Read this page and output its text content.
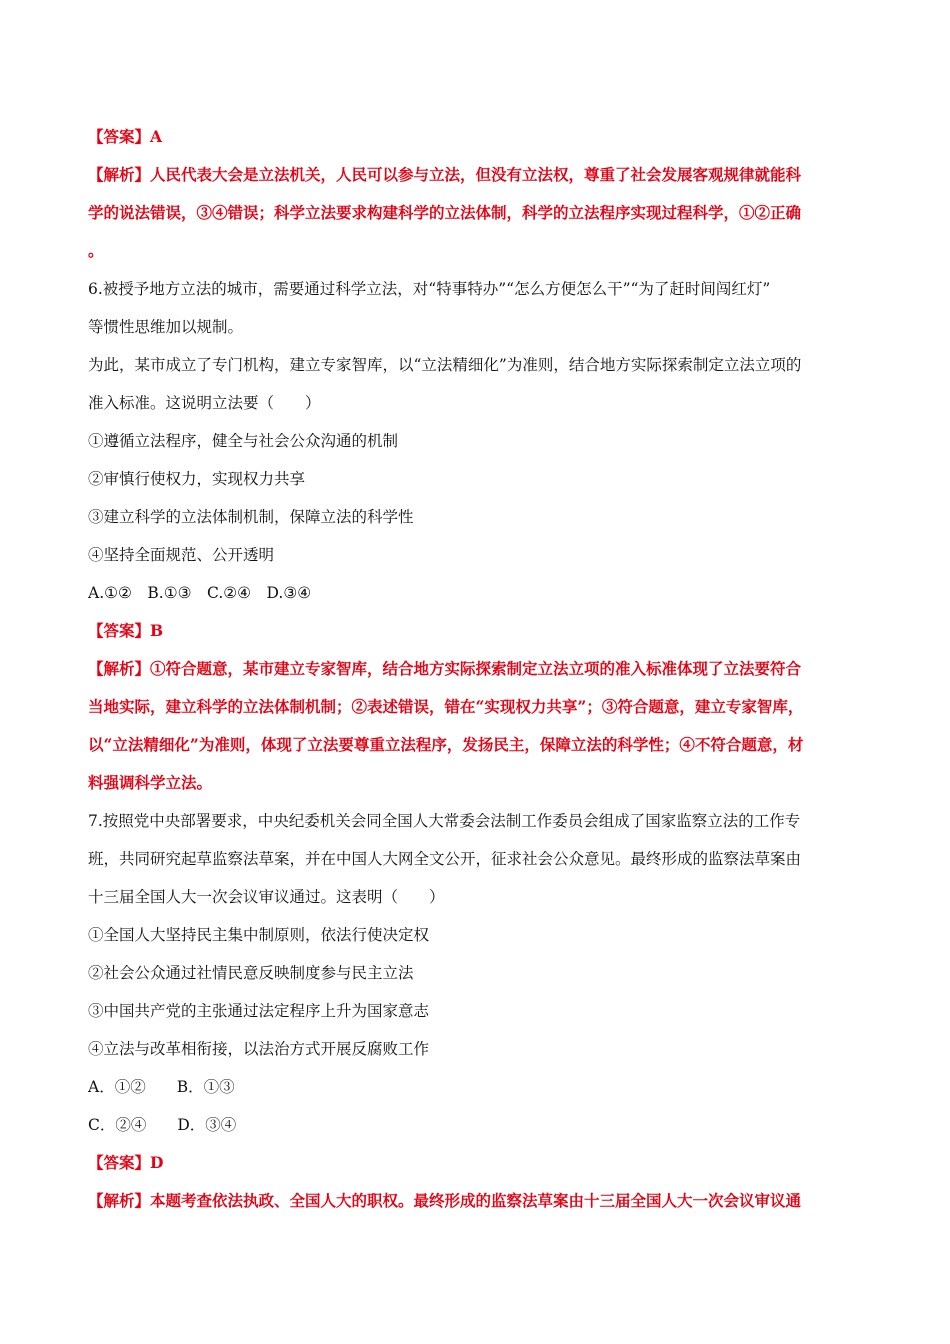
【答案】A
【解析】人民代表大会是立法机关，人民可以参与立法，但没有立法权，尊重了社会发展客观规律就能科
学的说法错误，③④错误；科学立法要求构建科学的立法体制，科学的立法程序实现过程科学，①②正确
。
6.被授予地方立法的城市，需要通过科学立法，对“特事特办”“怎么方便怎么干”“为了赶时间闯红灯”
等惯性思维加以规制。
为此，某市成立了专门机构，建立专家智库，以“立法精细化”为准则，结合地方实际探索制定立法立项的
准入标准。这说明立法要（　　）
①遵循立法程序，健全与社会公众沟通的机制
②审慎行使权力，实现权力共享
③建立科学的立法体制机制，保障立法的科学性
④坚持全面规范、公开透明
A.①②　B.①③　C.②④　D.③④
【答案】B
【解析】①符合题意，某市建立专家智库，结合地方实际探索制定立法立项的准入标准体现了立法要符合
当地实际，建立科学的立法体制机制；②表述错误，错在“实现权力共享”；③符合题意，建立专家智库，
以“立法精细化”为准则，体现了立法要尊重立法程序，发扬民主，保障立法的科学性；④不符合题意，材
料强调科学立法。
7.按照党中央部署要求，中央纪委机关会同全国人大常委会法制工作委员会组成了国家监察立法的工作专
班，共同研究起草监察法草案，并在中国人大网全文公开，征求社会公众意见。最终形成的监察法草案由
十三届全国人大一次会议审议通过。这表明（　　）
①全国人大坚持民主集中制原则，依法行使决定权
②社会公众通过社情民意反映制度参与民主立法
③中国共产党的主张通过法定程序上升为国家意志
④立法与改革相衔接，以法治方式开展反腐败工作
A．①②　　B．①③
C．②④　　D．③④
【答案】D
【解析】本题考查依法执政、全国人大的职权。最终形成的监察法草案由十三届全国人大一次会议审议通
